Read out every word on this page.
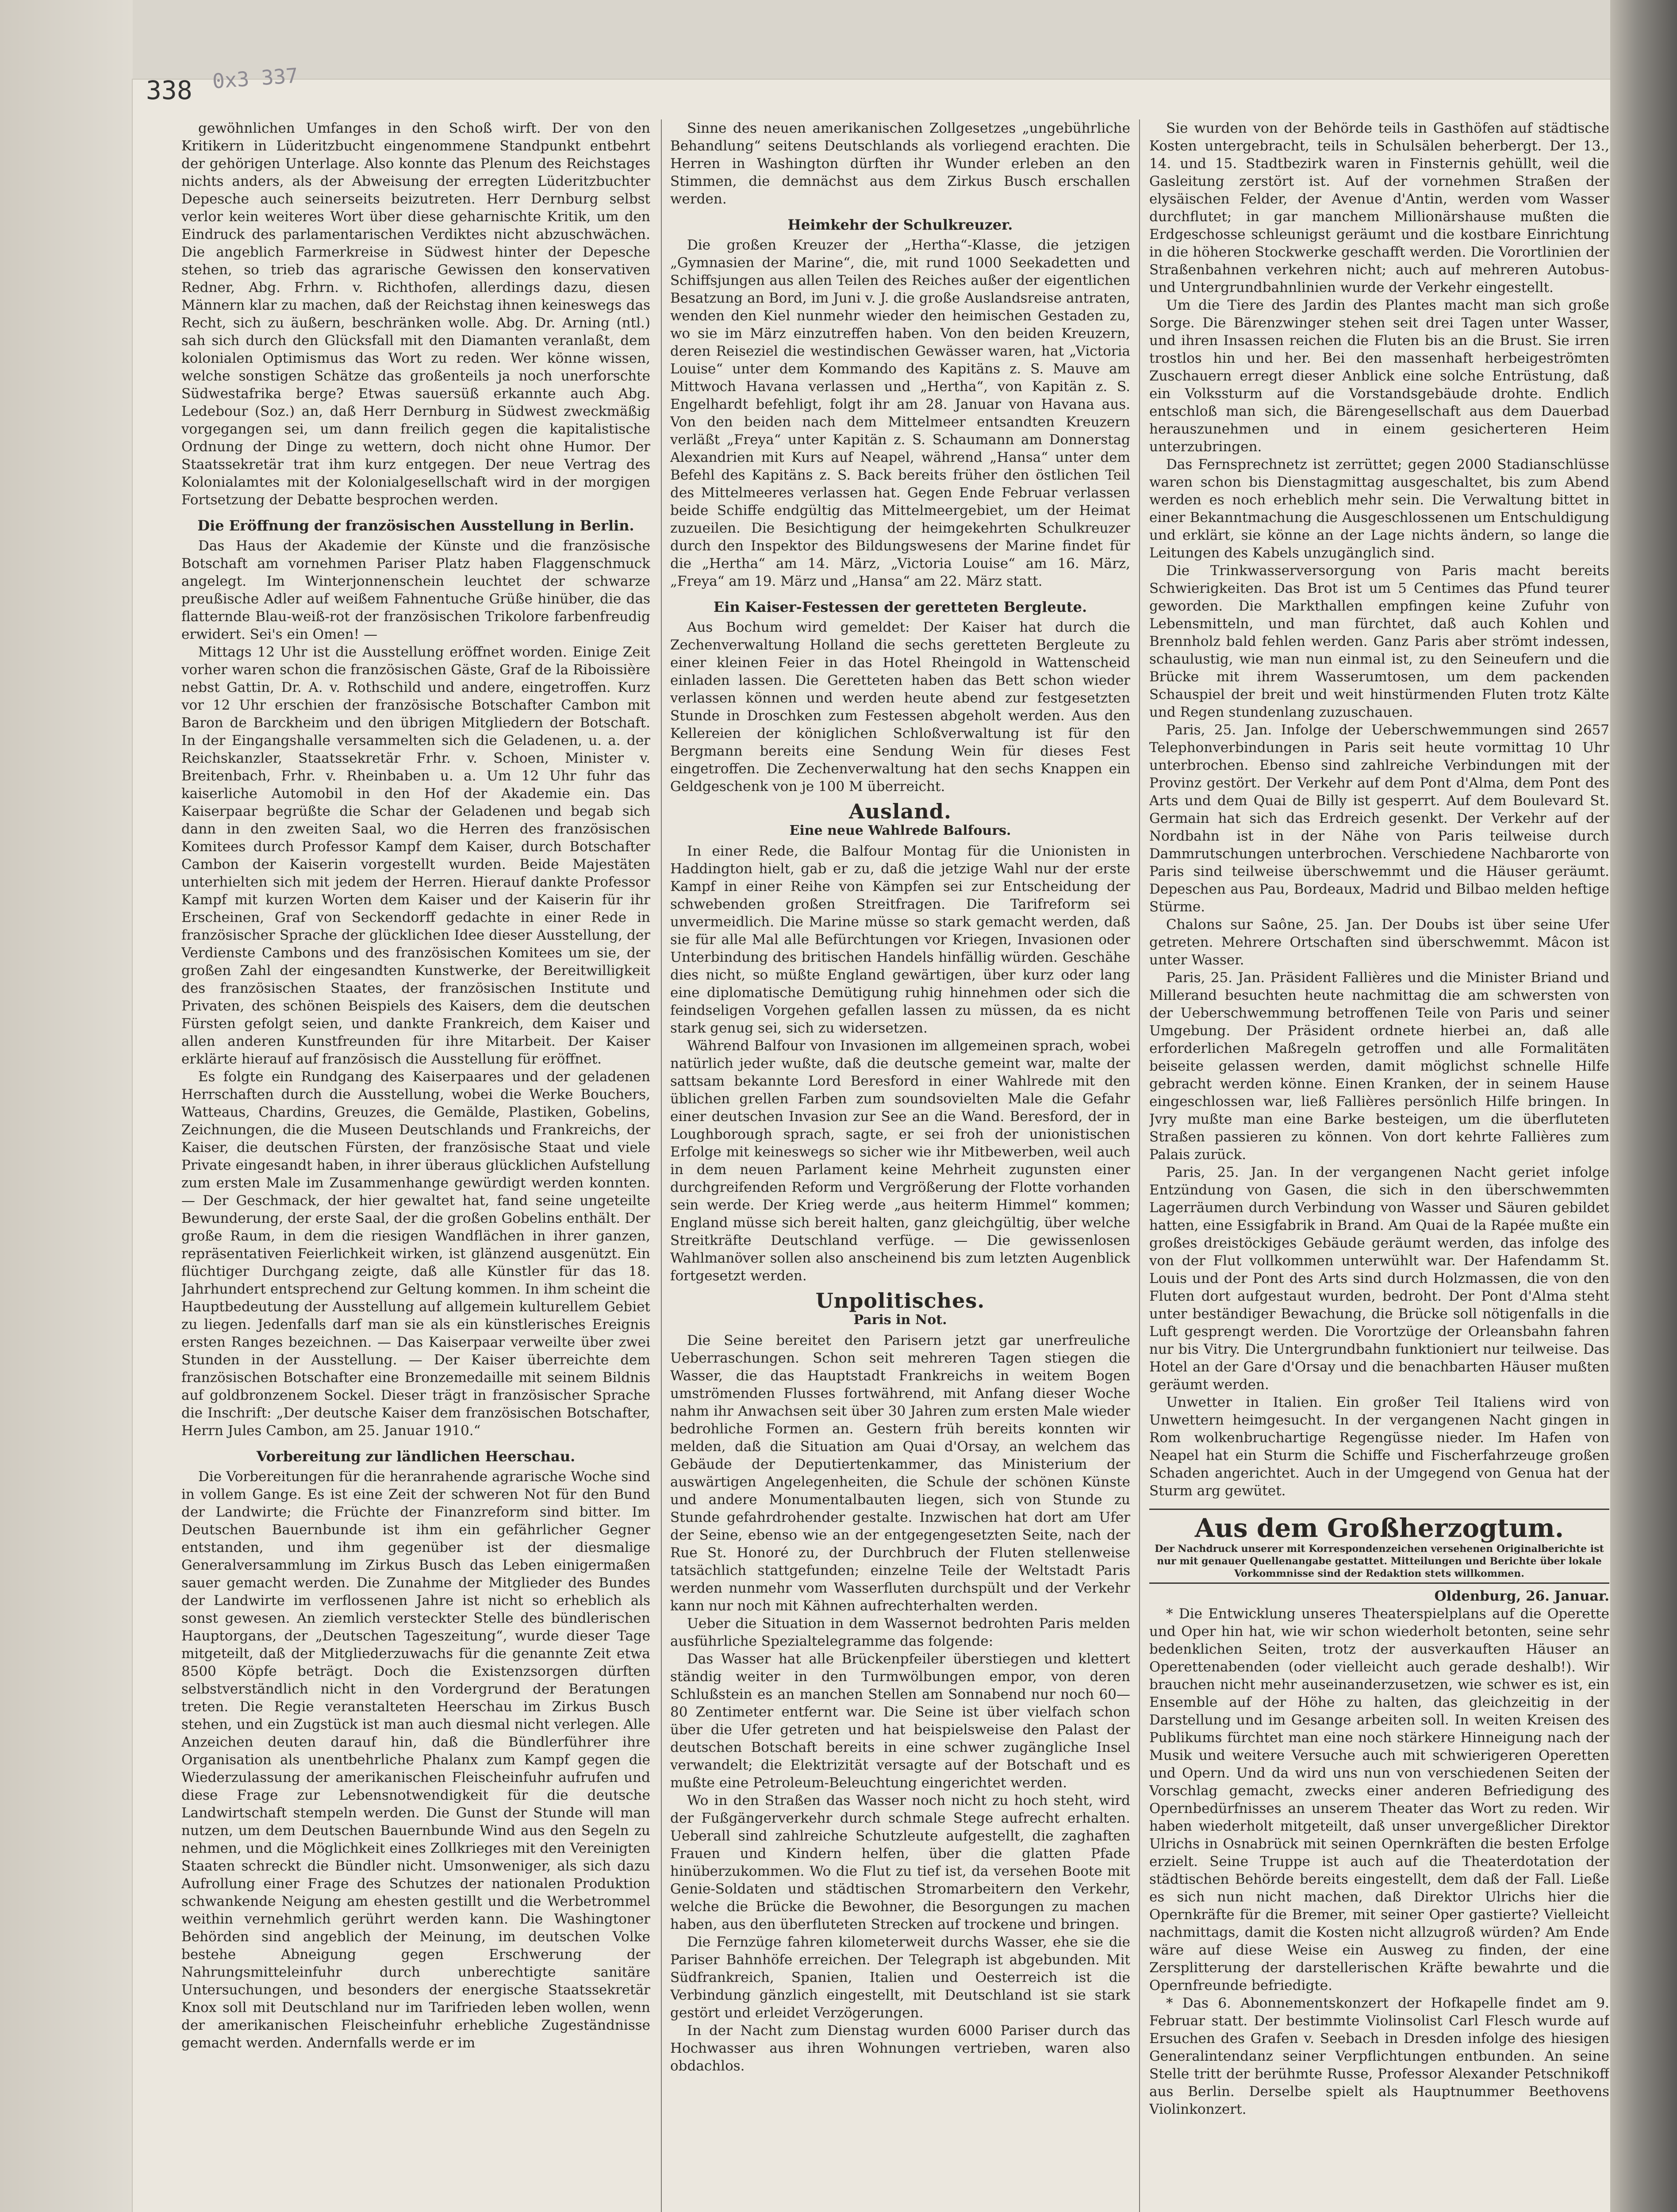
338 0x3 337

gewöhnlichen Umfanges in den Schoß wirft. Der von den Kritikern in Lüderitzbucht eingenommene Standpunkt entbehrt der gehörigen Unterlage. Also konnte das Plenum des Reichstages nichts anders, als der Abweisung der erregten Lüderitzbuchter Depesche auch seinerseits beizutreten. Herr Dernburg selbst verlor kein weiteres Wort über diese geharnischte Kritik, um den Eindruck des parlamentarischen Verdiktes nicht abzuschwächen. Die angeblich Farmerkreise in Südwest hinter der Depesche stehen, so trieb das agrarische Gewissen den konservativen Redner, Abg. Frhrn. v. Richthofen, allerdings dazu, diesen Männern klar zu machen, daß der Reichstag ihnen keineswegs das Recht, sich zu äußern, beschränken wolle. Abg. Dr. Arning (ntl.) sah sich durch den Glücksfall mit den Diamanten veranlaßt, dem kolonialen Optimismus das Wort zu reden. Wer könne wissen, welche sonstigen Schätze das großenteils ja noch unerforschte Südwestafrika berge? Etwas sauersüß erkannte auch Abg. Ledebour (Soz.) an, daß Herr Dernburg in Südwest zweckmäßig vorgegangen sei, um dann freilich gegen die kapitalistische Ordnung der Dinge zu wettern, doch nicht ohne Humor. Der Staatssekretär trat ihm kurz entgegen. Der neue Vertrag des Kolonialamtes mit der Kolonialgesellschaft wird in der morgigen Fortsetzung der Debatte besprochen werden.

Die Eröffnung der französischen Ausstellung in Berlin.

Das Haus der Akademie der Künste und die französische Botschaft am vornehmen Pariser Platz haben Flaggenschmuck angelegt. Im Winterjonnenschein leuchtet der schwarze preußische Adler auf weißem Fahnentuche Grüße hinüber, die das flatternde Blau-weiß-rot der französischen Trikolore farbenfreudig erwidert. Sei's ein Omen! —

Mittags 12 Uhr ist die Ausstellung eröffnet worden. Einige Zeit vorher waren schon die französischen Gäste, Graf de la Riboissière nebst Gattin, Dr. A. v. Rothschild und andere, eingetroffen. Kurz vor 12 Uhr erschien der französische Botschafter Cambon mit Baron de Barckheim und den übrigen Mitgliedern der Botschaft. In der Eingangshalle versammelten sich die Geladenen, u. a. der Reichskanzler, Staatssekretär Frhr. v. Schoen, Minister v. Breitenbach, Frhr. v. Rheinbaben u. a. Um 12 Uhr fuhr das kaiserliche Automobil in den Hof der Akademie ein. Das Kaiserpaar begrüßte die Schar der Geladenen und begab sich dann in den zweiten Saal, wo die Herren des französischen Komitees durch Professor Kampf dem Kaiser, durch Botschafter Cambon der Kaiserin vorgestellt wurden. Beide Majestäten unterhielten sich mit jedem der Herren. Hierauf dankte Professor Kampf mit kurzen Worten dem Kaiser und der Kaiserin für ihr Erscheinen, Graf von Seckendorff gedachte in einer Rede in französischer Sprache der glücklichen Idee dieser Ausstellung, der Verdienste Cambons und des französischen Komitees um sie, der großen Zahl der eingesandten Kunstwerke, der Bereitwilligkeit des französischen Staates, der französischen Institute und Privaten, des schönen Beispiels des Kaisers, dem die deutschen Fürsten gefolgt seien, und dankte Frankreich, dem Kaiser und allen anderen Kunstfreunden für ihre Mitarbeit. Der Kaiser erklärte hierauf auf französisch die Ausstellung für eröffnet.

Es folgte ein Rundgang des Kaiserpaares und der geladenen Herrschaften durch die Ausstellung, wobei die Werke Bouchers, Watteaus, Chardins, Greuzes, die Gemälde, Plastiken, Gobelins, Zeichnungen, die die Museen Deutschlands und Frankreichs, der Kaiser, die deutschen Fürsten, der französische Staat und viele Private eingesandt haben, in ihrer überaus glücklichen Aufstellung zum ersten Male im Zusammenhange gewürdigt werden konnten. — Der Geschmack, der hier gewaltet hat, fand seine ungeteilte Bewunderung, der erste Saal, der die großen Gobelins enthält. Der große Raum, in dem die riesigen Wandflächen in ihrer ganzen, repräsentativen Feierlichkeit wirken, ist glänzend ausgenützt. Ein flüchtiger Durchgang zeigte, daß alle Künstler für das 18. Jahrhundert entsprechend zur Geltung kommen. In ihm scheint die Hauptbedeutung der Ausstellung auf allgemein kulturellem Gebiet zu liegen. Jedenfalls darf man sie als ein künstlerisches Ereignis ersten Ranges bezeichnen. — Das Kaiserpaar verweilte über zwei Stunden in der Ausstellung. — Der Kaiser überreichte dem französischen Botschafter eine Bronzemedaille mit seinem Bildnis auf goldbronzenem Sockel. Dieser trägt in französischer Sprache die Inschrift: „Der deutsche Kaiser dem französischen Botschafter, Herrn Jules Cambon, am 25. Januar 1910.“

Vorbereitung zur ländlichen Heerschau.

Die Vorbereitungen für die heranrahende agrarische Woche sind in vollem Gange. Es ist eine Zeit der schweren Not für den Bund der Landwirte; die Früchte der Finanzreform sind bitter. Im Deutschen Bauernbunde ist ihm ein gefährlicher Gegner entstanden, und ihm gegenüber ist der diesmalige Generalversammlung im Zirkus Busch das Leben einigermaßen sauer gemacht werden. Die Zunahme der Mitglieder des Bundes der Landwirte im verflossenen Jahre ist nicht so erheblich als sonst gewesen. An ziemlich versteckter Stelle des bündlerischen Hauptorgans, der „Deutschen Tageszeitung“, wurde dieser Tage mitgeteilt, daß der Mitgliederzuwachs für die genannte Zeit etwa 8500 Köpfe beträgt. Doch die Existenzsorgen dürften selbstverständlich nicht in den Vordergrund der Beratungen treten. Die Regie veranstalteten Heerschau im Zirkus Busch stehen, und ein Zugstück ist man auch diesmal nicht verlegen. Alle Anzeichen deuten darauf hin, daß die Bündlerführer ihre Organisation als unentbehrliche Phalanx zum Kampf gegen die Wiederzulassung der amerikanischen Fleischeinfuhr aufrufen und diese Frage zur Lebensnotwendigkeit für die deutsche Landwirtschaft stempeln werden. Die Gunst der Stunde will man nutzen, um dem Deutschen Bauernbunde Wind aus den Segeln zu nehmen, und die Möglichkeit eines Zollkrieges mit den Vereinigten Staaten schreckt die Bündler nicht. Umsonweniger, als sich dazu Aufrollung einer Frage des Schutzes der nationalen Produktion schwankende Neigung am ehesten gestillt und die Werbetrommel weithin vernehmlich gerührt werden kann. Die Washingtoner Behörden sind angeblich der Meinung, im deutschen Volke bestehe Abneigung gegen Erschwerung der Nahrungsmitteleinfuhr durch unberechtigte sanitäre Untersuchungen, und besonders der energische Staatssekretär Knox soll mit Deutschland nur im Tarifrieden leben wollen, wenn der amerikanischen Fleischeinfuhr erhebliche Zugeständnisse gemacht werden. Andernfalls werde er im

Sinne des neuen amerikanischen Zollgesetzes „ungebührliche Behandlung“ seitens Deutschlands als vorliegend erachten. Die Herren in Washington dürften ihr Wunder erleben an den Stimmen, die demnächst aus dem Zirkus Busch erschallen werden.

Heimkehr der Schulkreuzer.

Die großen Kreuzer der „Hertha“-Klasse, die jetzigen „Gymnasien der Marine“, die, mit rund 1000 Seekadetten und Schiffsjungen aus allen Teilen des Reiches außer der eigentlichen Besatzung an Bord, im Juni v. J. die große Auslandsreise antraten, wenden den Kiel nunmehr wieder den heimischen Gestaden zu, wo sie im März einzutreffen haben. Von den beiden Kreuzern, deren Reiseziel die westindischen Gewässer waren, hat „Victoria Louise“ unter dem Kommando des Kapitäns z. S. Mauve am Mittwoch Havana verlassen und „Hertha“, von Kapitän z. S. Engelhardt befehligt, folgt ihr am 28. Januar von Havana aus. Von den beiden nach dem Mittelmeer entsandten Kreuzern verläßt „Freya“ unter Kapitän z. S. Schaumann am Donnerstag Alexandrien mit Kurs auf Neapel, während „Hansa“ unter dem Befehl des Kapitäns z. S. Back bereits früher den östlichen Teil des Mittelmeeres verlassen hat. Gegen Ende Februar verlassen beide Schiffe endgültig das Mittelmeergebiet, um der Heimat zuzueilen. Die Besichtigung der heimgekehrten Schulkreuzer durch den Inspektor des Bildungswesens der Marine findet für die „Hertha“ am 14. März, „Victoria Louise“ am 16. März, „Freya“ am 19. März und „Hansa“ am 22. März statt.

Ein Kaiser-Festessen der geretteten Bergleute.

Aus Bochum wird gemeldet: Der Kaiser hat durch die Zechenverwaltung Holland die sechs geretteten Bergleute zu einer kleinen Feier in das Hotel Rheingold in Wattenscheid einladen lassen. Die Geretteten haben das Bett schon wieder verlassen können und werden heute abend zur festgesetzten Stunde in Droschken zum Festessen abgeholt werden. Aus den Kellereien der königlichen Schloßverwaltung ist für den Bergmann bereits eine Sendung Wein für dieses Fest eingetroffen. Die Zechenverwaltung hat den sechs Knappen ein Geldgeschenk von je 100 M überreicht.

Ausland.
Eine neue Wahlrede Balfours.

In einer Rede, die Balfour Montag für die Unionisten in Haddington hielt, gab er zu, daß die jetzige Wahl nur der erste Kampf in einer Reihe von Kämpfen sei zur Entscheidung der schwebenden großen Streitfragen. Die Tarifreform sei unvermeidlich. Die Marine müsse so stark gemacht werden, daß sie für alle Mal alle Befürchtungen vor Kriegen, Invasionen oder Unterbindung des britischen Handels hinfällig würden. Geschähe dies nicht, so müßte England gewärtigen, über kurz oder lang eine diplomatische Demütigung ruhig hinnehmen oder sich die feindseligen Vorgehen gefallen lassen zu müssen, da es nicht stark genug sei, sich zu widersetzen.

Während Balfour von Invasionen im allgemeinen sprach, wobei natürlich jeder wußte, daß die deutsche gemeint war, malte der sattsam bekannte Lord Beresford in einer Wahlrede mit den üblichen grellen Farben zum soundsovielten Male die Gefahr einer deutschen Invasion zur See an die Wand. Beresford, der in Loughborough sprach, sagte, er sei froh der unionistischen Erfolge mit keineswegs so sicher wie ihr Mitbewerben, weil auch in dem neuen Parlament keine Mehrheit zugunsten einer durchgreifenden Reform und Vergrößerung der Flotte vorhanden sein werde. Der Krieg werde „aus heiterm Himmel“ kommen; England müsse sich bereit halten, ganz gleichgültig, über welche Streitkräfte Deutschland verfüge. — Die gewissenlosen Wahlmanöver sollen also anscheinend bis zum letzten Augenblick fortgesetzt werden.

Unpolitisches.
Paris in Not.

Die Seine bereitet den Parisern jetzt gar unerfreuliche Ueberraschungen. Schon seit mehreren Tagen stiegen die Wasser, die das Hauptstadt Frankreichs in weitem Bogen umströmenden Flusses fortwährend, mit Anfang dieser Woche nahm ihr Anwachsen seit über 30 Jahren zum ersten Male wieder bedrohliche Formen an. Gestern früh bereits konnten wir melden, daß die Situation am Quai d'Orsay, an welchem das Gebäude der Deputiertenkammer, das Ministerium der auswärtigen Angelegenheiten, die Schule der schönen Künste und andere Monumentalbauten liegen, sich von Stunde zu Stunde gefahrdrohender gestalte. Inzwischen hat dort am Ufer der Seine, ebenso wie an der entgegengesetzten Seite, nach der Rue St. Honoré zu, der Durchbruch der Fluten stellenweise tatsächlich stattgefunden; einzelne Teile der Weltstadt Paris werden nunmehr vom Wasserfluten durchspült und der Verkehr kann nur noch mit Kähnen aufrechterhalten werden.

Ueber die Situation in dem Wassernot bedrohten Paris melden ausführliche Spezialtelegramme das folgende:

Das Wasser hat alle Brückenpfeiler überstiegen und klettert ständig weiter in den Turmwölbungen empor, von deren Schlußstein es an manchen Stellen am Sonnabend nur noch 60—80 Zentimeter entfernt war. Die Seine ist über vielfach schon über die Ufer getreten und hat beispielsweise den Palast der deutschen Botschaft bereits in eine schwer zugängliche Insel verwandelt; die Elektrizität versagte auf der Botschaft und es mußte eine Petroleum-Beleuchtung eingerichtet werden.

Wo in den Straßen das Wasser noch nicht zu hoch steht, wird der Fußgängerverkehr durch schmale Stege aufrecht erhalten. Ueberall sind zahlreiche Schutzleute aufgestellt, die zaghaften Frauen und Kindern helfen, über die glatten Pfade hinüberzukommen. Wo die Flut zu tief ist, da versehen Boote mit Genie-Soldaten und städtischen Stromarbeitern den Verkehr, welche die Brücke die Bewohner, die Besorgungen zu machen haben, aus den überfluteten Strecken auf trockene und bringen.

Die Fernzüge fahren kilometerweit durchs Wasser, ehe sie die Pariser Bahnhöfe erreichen. Der Telegraph ist abgebunden. Mit Südfrankreich, Spanien, Italien und Oesterreich ist die Verbindung gänzlich eingestellt, mit Deutschland ist sie stark gestört und erleidet Verzögerungen.

In der Nacht zum Dienstag wurden 6000 Pariser durch das Hochwasser aus ihren Wohnungen vertrieben, waren also obdachlos.

Sie wurden von der Behörde teils in Gasthöfen auf städtische Kosten untergebracht, teils in Schulsälen beherbergt. Der 13., 14. und 15. Stadtbezirk waren in Finsternis gehüllt, weil die Gasleitung zerstört ist. Auf der vornehmen Straßen der elysäischen Felder, der Avenue d'Antin, werden vom Wasser durchflutet; in gar manchem Millionärshause mußten die Erdgeschosse schleunigst geräumt und die kostbare Einrichtung in die höheren Stockwerke geschafft werden. Die Vorortlinien der Straßenbahnen verkehren nicht; auch auf mehreren Autobus- und Untergrundbahnlinien wurde der Verkehr eingestellt.

Um die Tiere des Jardin des Plantes macht man sich große Sorge. Die Bärenzwinger stehen seit drei Tagen unter Wasser, und ihren Insassen reichen die Fluten bis an die Brust. Sie irren trostlos hin und her. Bei den massenhaft herbeigeströmten Zuschauern erregt dieser Anblick eine solche Entrüstung, daß ein Volkssturm auf die Vorstandsgebäude drohte. Endlich entschloß man sich, die Bärengesellschaft aus dem Dauerbad herauszunehmen und in einem gesicherteren Heim unterzubringen.

Das Fernsprechnetz ist zerrüttet; gegen 2000 Stadianschlüsse waren schon bis Dienstagmittag ausgeschaltet, bis zum Abend werden es noch erheblich mehr sein. Die Verwaltung bittet in einer Bekanntmachung die Ausgeschlossenen um Entschuldigung und erklärt, sie könne an der Lage nichts ändern, so lange die Leitungen des Kabels unzugänglich sind.

Die Trinkwasserversorgung von Paris macht bereits Schwierigkeiten. Das Brot ist um 5 Centimes das Pfund teurer geworden. Die Markthallen empfingen keine Zufuhr von Lebensmitteln, und man fürchtet, daß auch Kohlen und Brennholz bald fehlen werden. Ganz Paris aber strömt indessen, schaulustig, wie man nun einmal ist, zu den Seineufern und die Brücke mit ihrem Wasserumtosen, um dem packenden Schauspiel der breit und weit hinstürmenden Fluten trotz Kälte und Regen stundenlang zuzuschauen.

Paris, 25. Jan. Infolge der Ueberschwemmungen sind 2657 Telephonverbindungen in Paris seit heute vormittag 10 Uhr unterbrochen. Ebenso sind zahlreiche Verbindungen mit der Provinz gestört. Der Verkehr auf dem Pont d'Alma, dem Pont des Arts und dem Quai de Billy ist gesperrt. Auf dem Boulevard St. Germain hat sich das Erdreich gesenkt. Der Verkehr auf der Nordbahn ist in der Nähe von Paris teilweise durch Dammrutschungen unterbrochen. Verschiedene Nachbarorte von Paris sind teilweise überschwemmt und die Häuser geräumt. Depeschen aus Pau, Bordeaux, Madrid und Bilbao melden heftige Stürme.

Chalons sur Saône, 25. Jan. Der Doubs ist über seine Ufer getreten. Mehrere Ortschaften sind überschwemmt. Mâcon ist unter Wasser.

Paris, 25. Jan. Präsident Fallières und die Minister Briand und Millerand besuchten heute nachmittag die am schwersten von der Ueberschwemmung betroffenen Teile von Paris und seiner Umgebung. Der Präsident ordnete hierbei an, daß alle erforderlichen Maßregeln getroffen und alle Formalitäten beiseite gelassen werden, damit möglichst schnelle Hilfe gebracht werden könne. Einen Kranken, der in seinem Hause eingeschlossen war, ließ Fallières persönlich Hilfe bringen. In Jvry mußte man eine Barke besteigen, um die überfluteten Straßen passieren zu können. Von dort kehrte Fallières zum Palais zurück.

Paris, 25. Jan. In der vergangenen Nacht geriet infolge Entzündung von Gasen, die sich in den überschwemmten Lagerräumen durch Verbindung von Wasser und Säuren gebildet hatten, eine Essigfabrik in Brand. Am Quai de la Rapée mußte ein großes dreistöckiges Gebäude geräumt werden, das infolge des von der Flut vollkommen unterwühlt war. Der Hafendamm St. Louis und der Pont des Arts sind durch Holzmassen, die von den Fluten dort aufgestaut wurden, bedroht. Der Pont d'Alma steht unter beständiger Bewachung, die Brücke soll nötigenfalls in die Luft gesprengt werden. Die Vorortzüge der Orleansbahn fahren nur bis Vitry. Die Untergrundbahn funktioniert nur teilweise. Das Hotel an der Gare d'Orsay und die benachbarten Häuser mußten geräumt werden.

Unwetter in Italien. Ein großer Teil Italiens wird von Unwettern heimgesucht. In der vergangenen Nacht gingen in Rom wolkenbruchartige Regengüsse nieder. Im Hafen von Neapel hat ein Sturm die Schiffe und Fischerfahrzeuge großen Schaden angerichtet. Auch in der Umgegend von Genua hat der Sturm arg gewütet.

Aus dem Großherzogtum.
Der Nachdruck unserer mit Korrespondenzeichen versehenen Originalberichte ist nur mit genauer Quellenangabe gestattet. Mitteilungen und Berichte über lokale Vorkommnisse sind der Redaktion stets willkommen.
Oldenburg, 26. Januar.

* Die Entwicklung unseres Theaterspielplans auf die Operette und Oper hin hat, wie wir schon wiederholt betonten, seine sehr bedenklichen Seiten, trotz der ausverkauften Häuser an Operettenabenden (oder vielleicht auch gerade deshalb!). Wir brauchen nicht mehr auseinanderzusetzen, wie schwer es ist, ein Ensemble auf der Höhe zu halten, das gleichzeitig in der Darstellung und im Gesange arbeiten soll. In weiten Kreisen des Publikums fürchtet man eine noch stärkere Hinneigung nach der Musik und weitere Versuche auch mit schwierigeren Operetten und Opern. Und da wird uns nun von verschiedenen Seiten der Vorschlag gemacht, zwecks einer anderen Befriedigung des Opernbedürfnisses an unserem Theater das Wort zu reden. Wir haben wiederholt mitgeteilt, daß unser unvergeßlicher Direktor Ulrichs in Osnabrück mit seinen Opernkräften die besten Erfolge erzielt. Seine Truppe ist auch auf die Theaterdotation der städtischen Behörde bereits eingestellt, dem daß der Fall. Ließe es sich nun nicht machen, daß Direktor Ulrichs hier die Opernkräfte für die Bremer, mit seiner Oper gastierte? Vielleicht nachmittags, damit die Kosten nicht allzugroß würden? Am Ende wäre auf diese Weise ein Ausweg zu finden, der eine Zersplitterung der darstellerischen Kräfte bewahrte und die Opernfreunde befriedigte.

* Das 6. Abonnementskonzert der Hofkapelle findet am 9. Februar statt. Der bestimmte Violinsolist Carl Flesch wurde auf Ersuchen des Grafen v. Seebach in Dresden infolge des hiesigen Generalintendanz seiner Verpflichtungen entbunden. An seine Stelle tritt der berühmte Russe, Professor Alexander Petschnikoff aus Berlin. Derselbe spielt als Hauptnummer Beethovens Violinkonzert.
